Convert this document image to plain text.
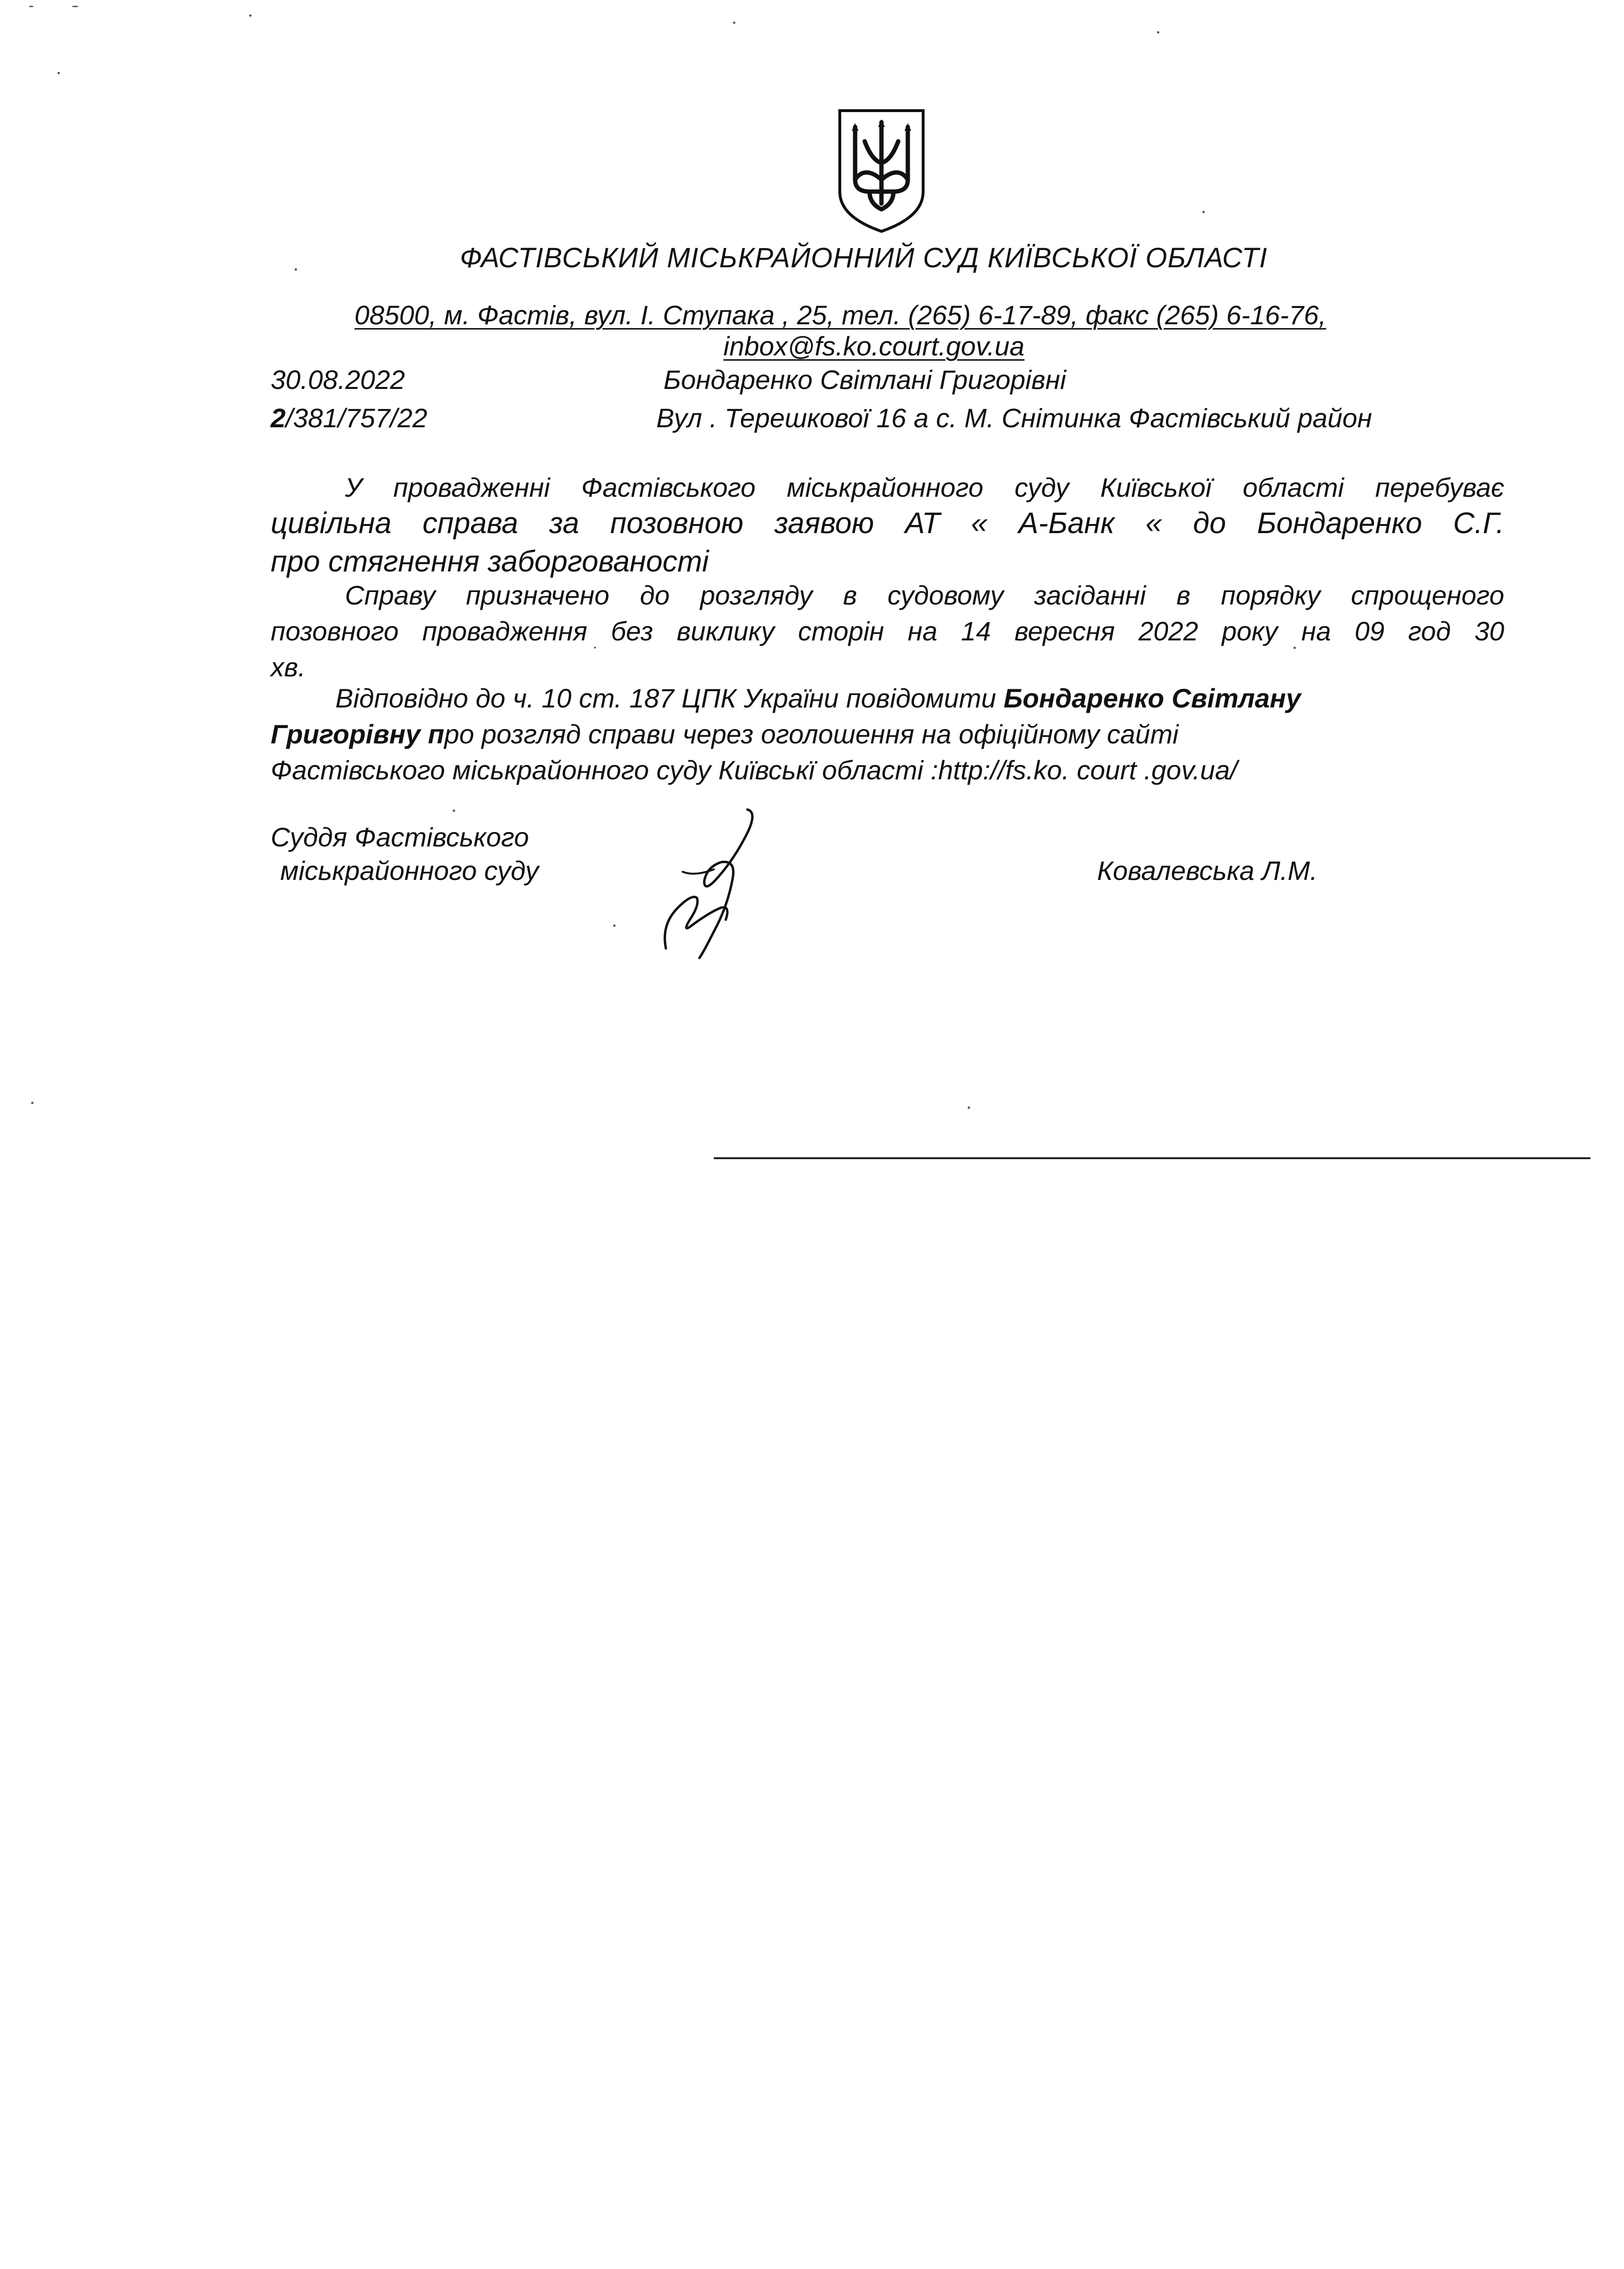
ФАСТІВСЬКИЙ МІСЬКРАЙОННИЙ СУД КИЇВСЬКОЇ ОБЛАСТІ
08500, м. Фастів, вул. І. Ступака , 25, тел. (265) 6-17-89, факс (265) 6-16-76,
inbox@fs.ko.court.gov.ua
30.08.2022	Бондаренко Світлані Григорівні
2/381/757/22	Вул . Терешкової 16 а с. М. Снітинка Фастівський район
У провадженні Фастівського міськрайонного суду Київської області перебуває
цивільна справа за позовною заявою АТ « А-Банк « до Бондаренко С.Г.
про стягнення заборгованості
Справу призначено до розгляду в судовому засіданні в порядку спрощеного
позовного провадження без виклику сторін на 14 вересня 2022 року на 09 год 30
хв.
Відповідно до ч. 10 ст. 187 ЦПК України повідомити Бондаренко Світлану
Григорівну про розгляд справи через оголошення на офіційному сайті
Фастівського міськрайонного суду Київськї області :http://fs.ko. court .gov.ua/
Суддя Фастівського
міськрайонного суду	Ковалевська Л.М.
